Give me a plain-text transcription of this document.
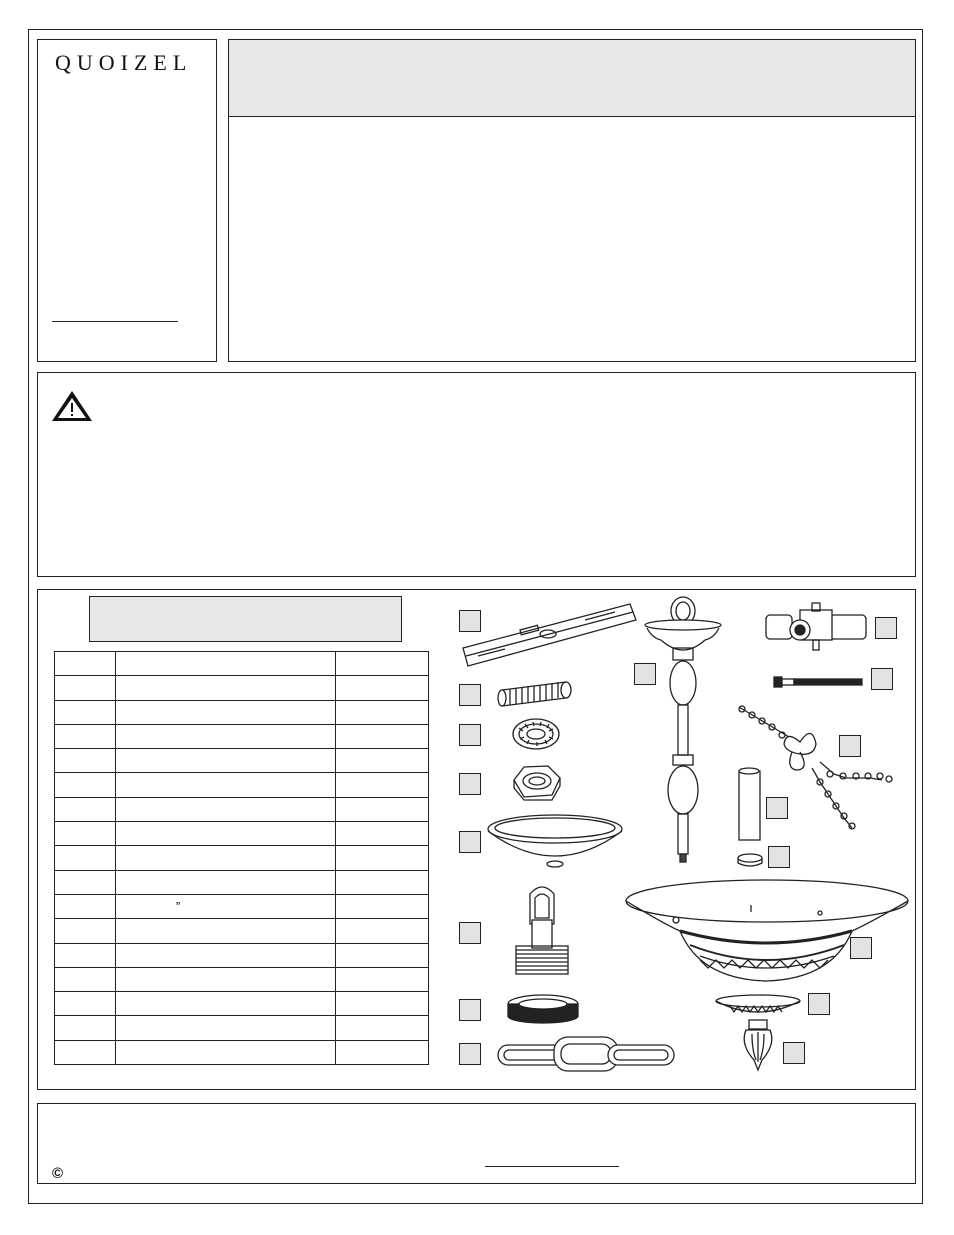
QUOIZEL

	”	

©
